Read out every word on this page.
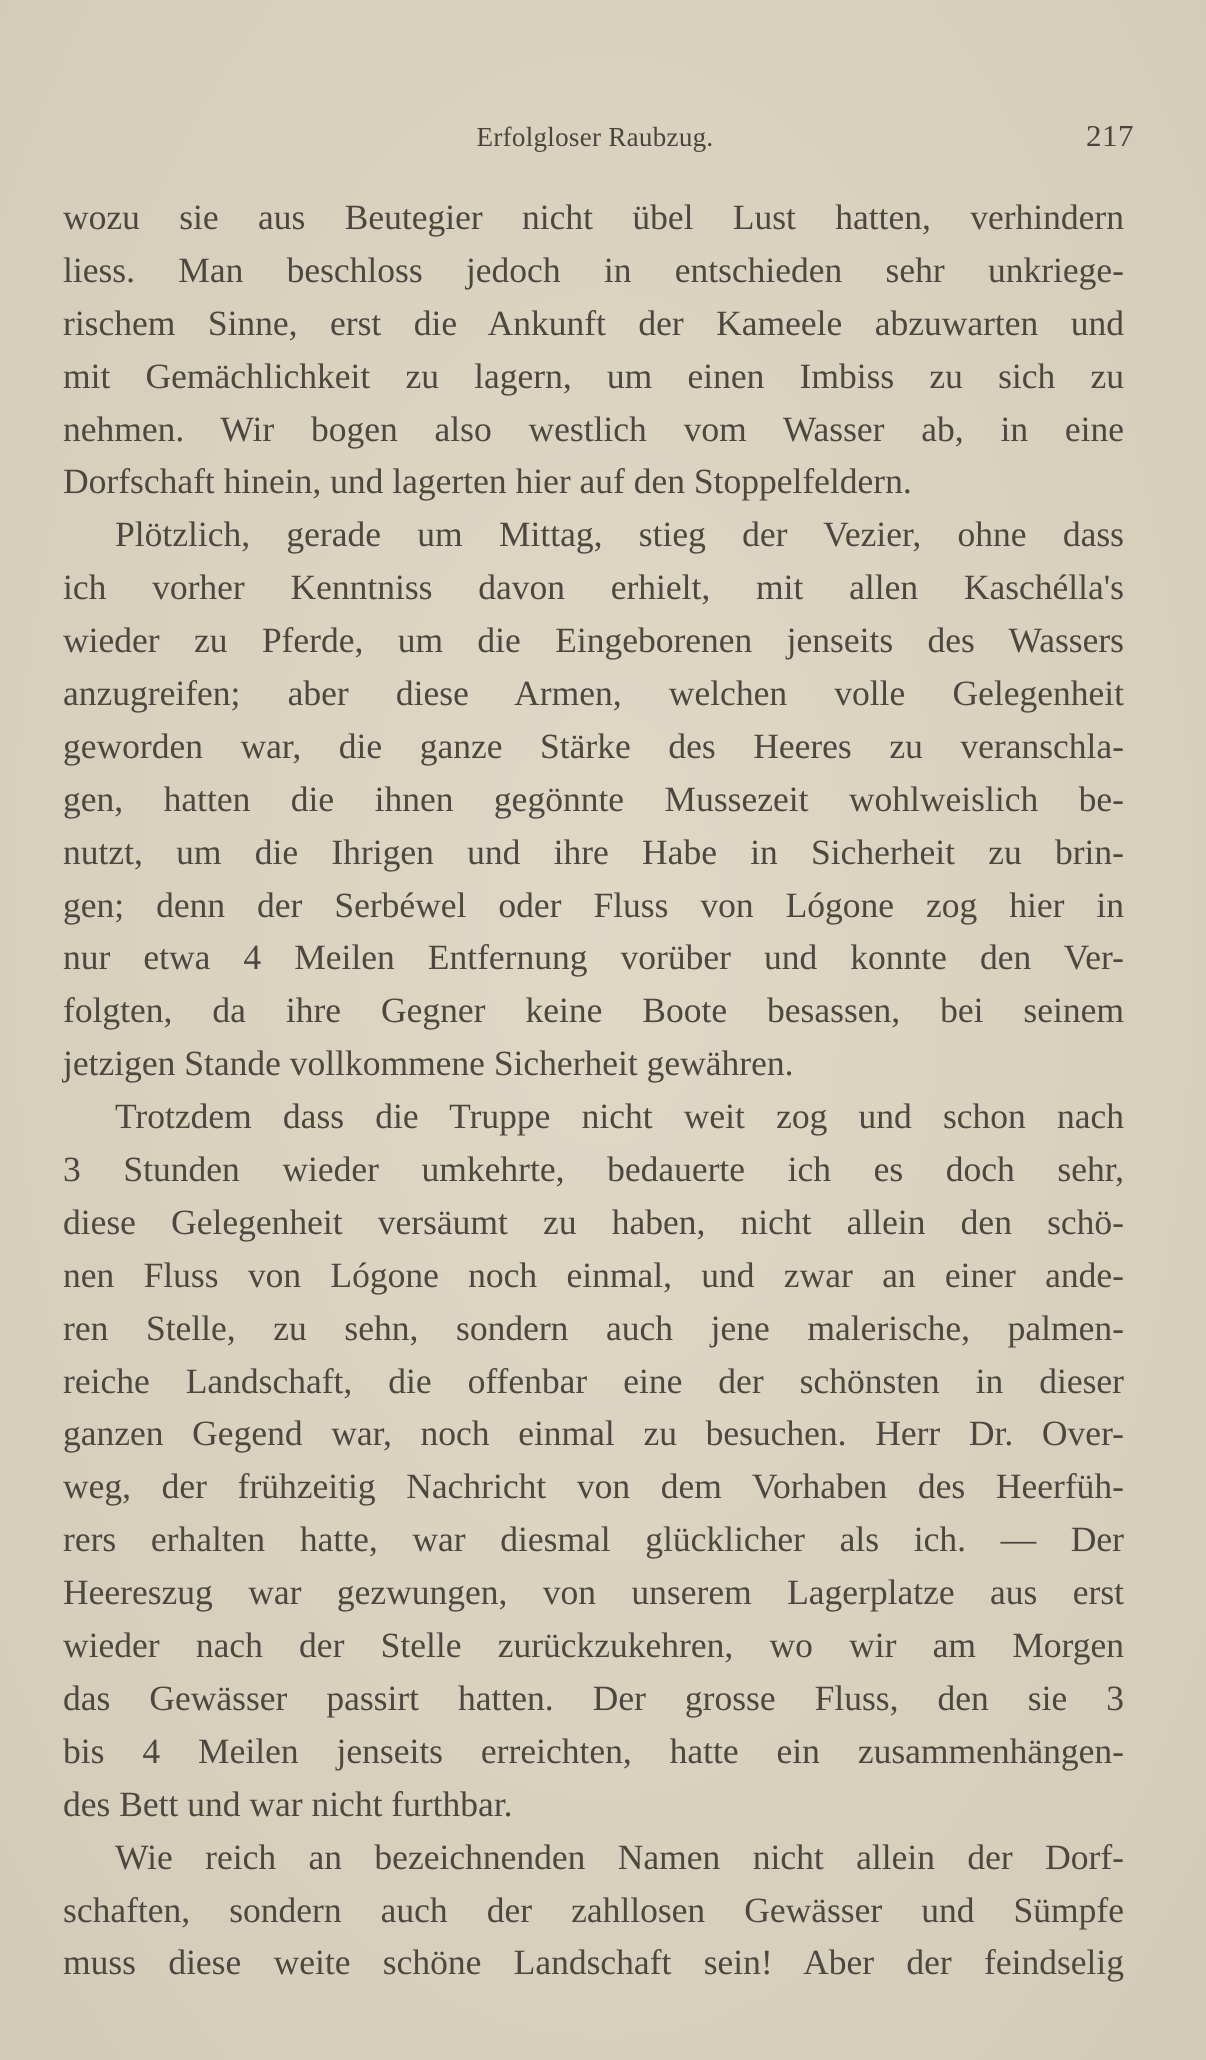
Erfolgloser Raubzug.	217
wozu sie aus Beutegier nicht übel Lust hatten, verhindern
liess. Man beschloss jedoch in entschieden sehr unkriege-
rischem Sinne, erst die Ankunft der Kameele abzuwarten und
mit Gemächlichkeit zu lagern, um einen Imbiss zu sich zu
nehmen. Wir bogen also westlich vom Wasser ab, in eine
Dorfschaft hinein, und lagerten hier auf den Stoppelfeldern.
Plötzlich, gerade um Mittag, stieg der Vezier, ohne dass
ich vorher Kenntniss davon erhielt, mit allen Kaschélla's
wieder zu Pferde, um die Eingeborenen jenseits des Wassers
anzugreifen; aber diese Armen, welchen volle Gelegenheit
geworden war, die ganze Stärke des Heeres zu veranschla-
gen, hatten die ihnen gegönnte Mussezeit wohlweislich be-
nutzt, um die Ihrigen und ihre Habe in Sicherheit zu brin-
gen; denn der Serbéwel oder Fluss von Lógone zog hier in
nur etwa 4 Meilen Entfernung vorüber und konnte den Ver-
folgten, da ihre Gegner keine Boote besassen, bei seinem
jetzigen Stande vollkommene Sicherheit gewähren.
Trotzdem dass die Truppe nicht weit zog und schon nach
3 Stunden wieder umkehrte, bedauerte ich es doch sehr,
diese Gelegenheit versäumt zu haben, nicht allein den schö-
nen Fluss von Lógone noch einmal, und zwar an einer ande-
ren Stelle, zu sehn, sondern auch jene malerische, palmen-
reiche Landschaft, die offenbar eine der schönsten in dieser
ganzen Gegend war, noch einmal zu besuchen. Herr Dr. Over-
weg, der frühzeitig Nachricht von dem Vorhaben des Heerfüh-
rers erhalten hatte, war diesmal glücklicher als ich. — Der
Heereszug war gezwungen, von unserem Lagerplatze aus erst
wieder nach der Stelle zurückzukehren, wo wir am Morgen
das Gewässer passirt hatten. Der grosse Fluss, den sie 3
bis 4 Meilen jenseits erreichten, hatte ein zusammenhängen-
des Bett und war nicht furthbar.
Wie reich an bezeichnenden Namen nicht allein der Dorf-
schaften, sondern auch der zahllosen Gewässer und Sümpfe
muss diese weite schöne Landschaft sein! Aber der feindselig
